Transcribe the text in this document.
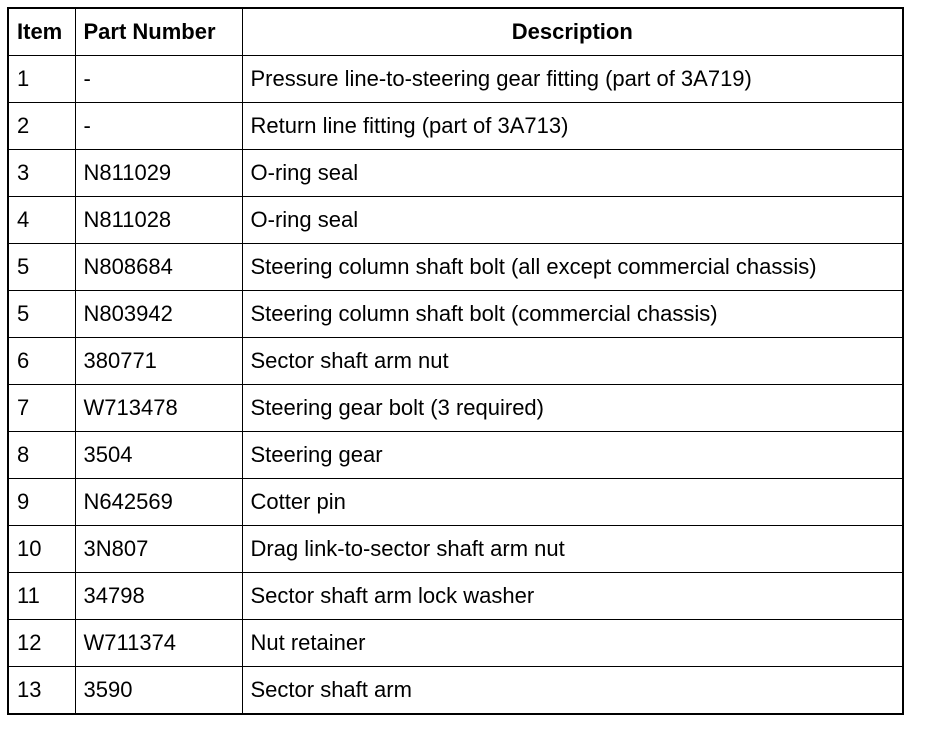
Item	Part Number	Description
1	-	Pressure line-to-steering gear fitting (part of 3A719)
2	-	Return line fitting (part of 3A713)
3	N811029	O-ring seal
4	N811028	O-ring seal
5	N808684	Steering column shaft bolt (all except commercial chassis)
5	N803942	Steering column shaft bolt (commercial chassis)
6	380771	Sector shaft arm nut
7	W713478	Steering gear bolt (3 required)
8	3504	Steering gear
9	N642569	Cotter pin
10	3N807	Drag link-to-sector shaft arm nut
11	34798	Sector shaft arm lock washer
12	W711374	Nut retainer
13	3590	Sector shaft arm
